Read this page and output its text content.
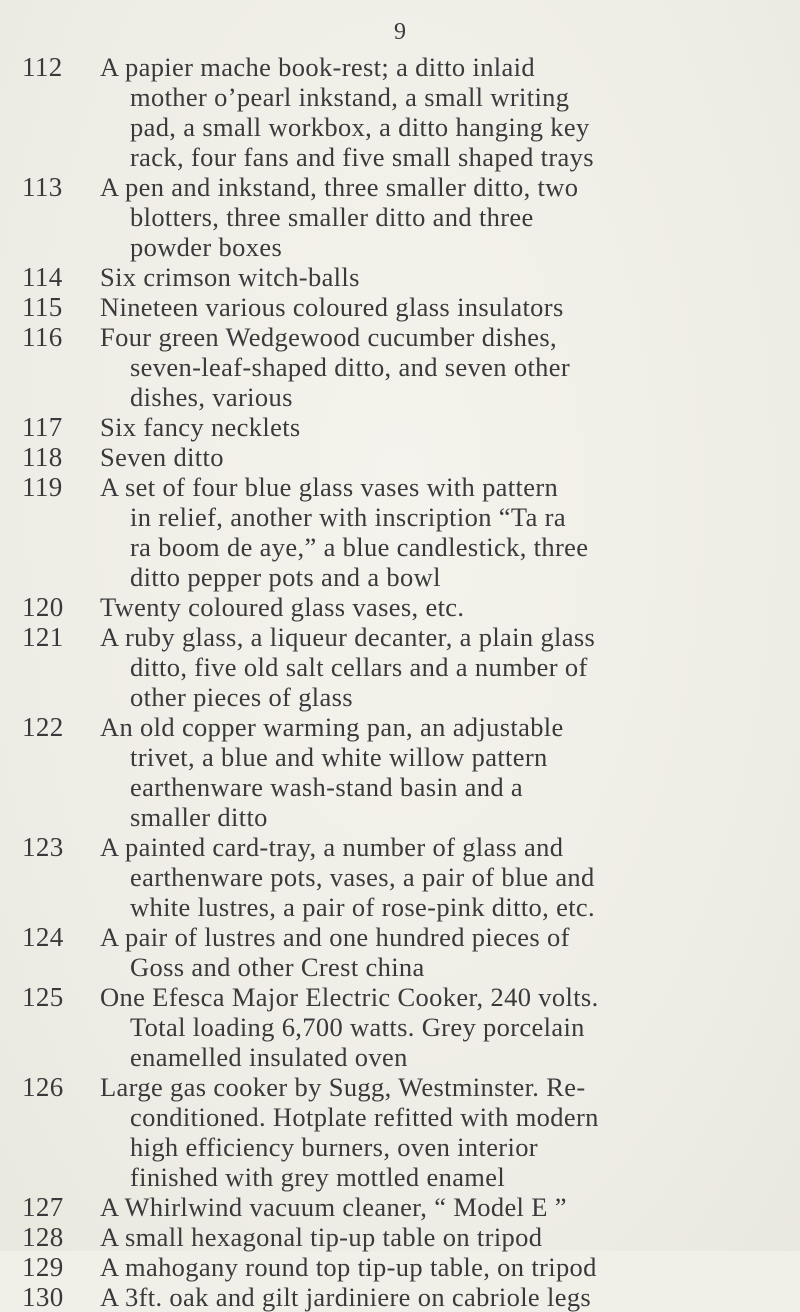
9
112	A papier mache book-rest; a ditto inlaid
mother o’pearl inkstand, a small writing
pad, a small workbox, a ditto hanging key
rack, four fans and five small shaped trays
113	A pen and inkstand, three smaller ditto, two
blotters, three smaller ditto and three
powder boxes
114	Six crimson witch-balls
115	Nineteen various coloured glass insulators
116	Four green Wedgewood cucumber dishes,
seven-leaf-shaped ditto, and seven other
dishes, various
117	Six fancy necklets
118	Seven ditto
119	A set of four blue glass vases with pattern
in relief, another with inscription “Ta ra
ra boom de aye,” a blue candlestick, three
ditto pepper pots and a bowl
120	Twenty coloured glass vases, etc.
121	A ruby glass, a liqueur decanter, a plain glass
ditto, five old salt cellars and a number of
other pieces of glass
122	An old copper warming pan, an adjustable
trivet, a blue and white willow pattern
earthenware wash-stand basin and a
smaller ditto
123	A painted card-tray, a number of glass and
earthenware pots, vases, a pair of blue and
white lustres, a pair of rose-pink ditto, etc.
124	A pair of lustres and one hundred pieces of
Goss and other Crest china
125	One Efesca Major Electric Cooker, 240 volts.
Total loading 6,700 watts. Grey porcelain
enamelled insulated oven
126	Large gas cooker by Sugg, Westminster. Re-
conditioned. Hotplate refitted with modern
high efficiency burners, oven interior
finished with grey mottled enamel
127	A Whirlwind vacuum cleaner, “ Model E ”
128	A small hexagonal tip-up table on tripod
129	A mahogany round top tip-up table, on tripod
130	A 3ft. oak and gilt jardiniere on cabriole legs
